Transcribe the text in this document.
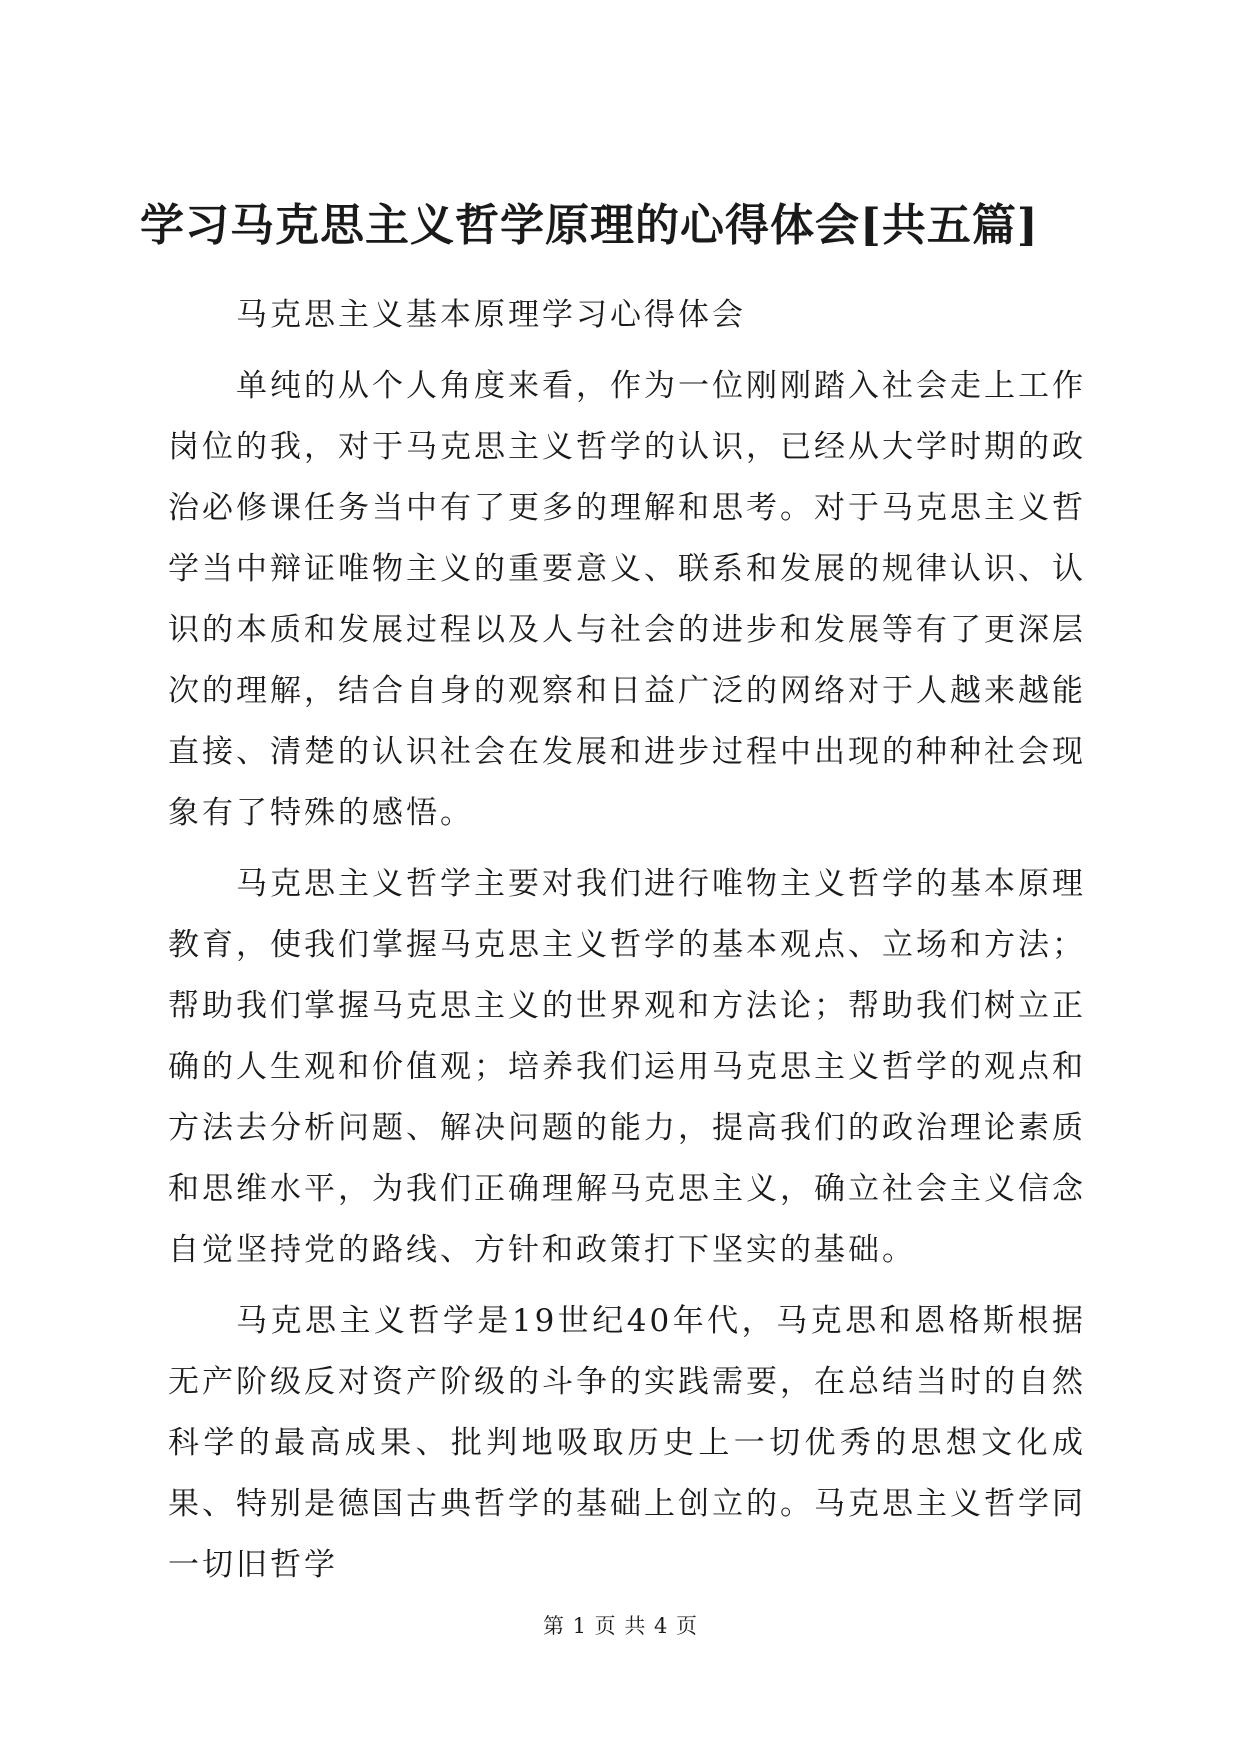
学习马克思主义哲学原理的心得体会[共五篇]

马克思主义基本原理学习心得体会

单纯的从个人角度来看，作为一位刚刚踏入社会走上工作岗位的我，对于马克思主义哲学的认识，已经从大学时期的政治必修课任务当中有了更多的理解和思考。对于马克思主义哲学当中辩证唯物主义的重要意义、联系和发展的规律认识、认识的本质和发展过程以及人与社会的进步和发展等有了更深层次的理解，结合自身的观察和日益广泛的网络对于人越来越能直接、清楚的认识社会在发展和进步过程中出现的种种社会现象有了特殊的感悟。

马克思主义哲学主要对我们进行唯物主义哲学的基本原理教育，使我们掌握马克思主义哲学的基本观点、立场和方法；帮助我们掌握马克思主义的世界观和方法论；帮助我们树立正确的人生观和价值观；培养我们运用马克思主义哲学的观点和方法去分析问题、解决问题的能力，提高我们的政治理论素质和思维水平，为我们正确理解马克思主义，确立社会主义信念自觉坚持党的路线、方针和政策打下坚实的基础。

马克思主义哲学是19世纪40年代，马克思和恩格斯根据无产阶级反对资产阶级的斗争的实践需要，在总结当时的自然科学的最高成果、批判地吸取历史上一切优秀的思想文化成果、特别是德国古典哲学的基础上创立的。马克思主义哲学同一切旧哲学

第 1 页 共 4 页
